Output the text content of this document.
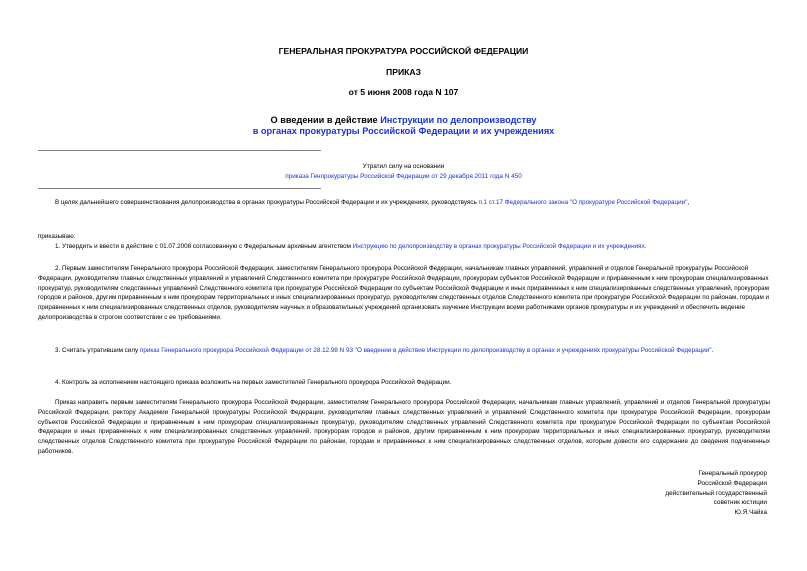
ГЕНЕРАЛЬНАЯ ПРОКУРАТУРА РОССИЙСКОЙ ФЕДЕРАЦИИ
ПРИКАЗ
от 5 июня 2008 года N 107
О введении в действие Инструкции по делопроизводству
в органах прокуратуры Российской Федерации и их учреждениях
Утратил силу на основании
приказа Генпрокуратуры Российской Федерации от 29 декабря 2011 года N 450

В целях дальнейшего совершенствования делопроизводства в органах прокуратуры Российской Федерации и их учреждениях, руководствуясь п.1 ст.17 Федерального закона "О прокуратуре Российской Федерации",

приказываю:

1. Утвердить и ввести в действие с 01.07.2008 согласованную с Федеральным архивным агентством Инструкцию по делопроизводству в органах прокуратуры Российской Федерации и их учреждениях.

2. Первым заместителям Генерального прокурора Российской Федерации, заместителям Генерального прокурора Российской Федерации, начальникам главных управлений, управлений и отделов Генеральной прокуратуры Российской Федерации, руководителям главных следственных управлений и управлений Следственного комитета при прокуратуре Российской Федерации, прокурорам субъектов Российской Федерации и приравненным к ним прокурорам специализированных прокуратур, руководителям следственных управлений Следственного комитета при прокуратуре Российской Федерации по субъектам Российской Федерации и иных приравненных к ним специализированных следственных управлений, прокурорам городов и районов, другим приравненным к ним прокурорам территориальных и иных специализированных прокуратур, руководителям следственных отделов Следственного комитета при прокуратуре Российской Федерации по районам, городам и приравненных к ним специализированных следственных отделов, руководителям научных и образовательных учреждений организовать изучение Инструкции всеми работниками органов прокуратуры и их учреждений и обеспечить ведение делопроизводства в строгом соответствии с ее требованиями.

3. Считать утратившим силу приказ Генерального прокурора Российской Федерации от 28.12.98 N 93 "О введении в действие Инструкции по делопроизводству в органах и учреждениях прокуратуры Российской Федерации".

4. Контроль за исполнением настоящего приказа возложить на первых заместителей Генерального прокурора Российской Федерации.

Приказ направить первым заместителям Генерального прокурора Российской Федерации, заместителям Генерального прокурора Российской Федерации, начальникам главных управлений, управлений и отделов Генеральной прокуратуры Российской Федерации, ректору Академии Генеральной прокуратуры Российской Федерации, руководителям главных следственных управлений и управлений Следственного комитета при прокуратуре Российской Федерации, прокурорам субъектов Российской Федерации и приравненным к ним прокурорам специализированных прокуратур, руководителям следственных управлений Следственного комитета при прокуратуре Российской Федерации по субъектам Российской Федерации и иных приравненных к ним специализированных следственных управлений, прокурорам городов и районов, другим приравненным к ним прокурорам территориальных и иных специализированных прокуратур, руководителям следственных отделов Следственного комитета при прокуратуре Российской Федерации по районам, городам и приравненных к ним специализированных следственных отделов, которым довести его содержание до сведения подчиненных работников.

Генеральный прокурор
Российской Федерации
действительный государственный
советник юстиции
Ю.Я.Чайка
